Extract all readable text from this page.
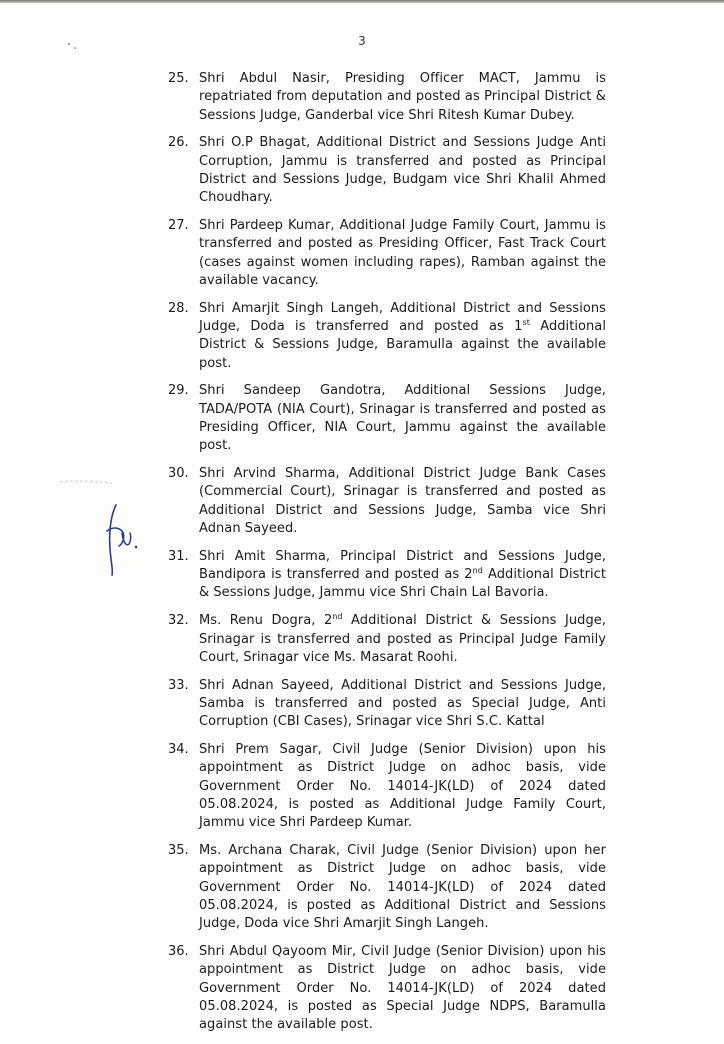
3
25. Shri Abdul Nasir, Presiding Officer MACT, Jammu is repatriated from deputation and posted as Principal District & Sessions Judge, Ganderbal vice Shri Ritesh Kumar Dubey.
26. Shri O.P Bhagat, Additional District and Sessions Judge Anti Corruption, Jammu is transferred and posted as Principal District and Sessions Judge, Budgam vice Shri Khalil Ahmed Choudhary.
27. Shri Pardeep Kumar, Additional Judge Family Court, Jammu is transferred and posted as Presiding Officer, Fast Track Court (cases against women including rapes), Ramban against the available vacancy.
28. Shri Amarjit Singh Langeh, Additional District and Sessions Judge, Doda is transferred and posted as 1st Additional District & Sessions Judge, Baramulla against the available post.
29. Shri Sandeep Gandotra, Additional Sessions Judge, TADA/POTA (NIA Court), Srinagar is transferred and posted as Presiding Officer, NIA Court, Jammu against the available post.
30. Shri Arvind Sharma, Additional District Judge Bank Cases (Commercial Court), Srinagar is transferred and posted as Additional District and Sessions Judge, Samba vice Shri Adnan Sayeed.
31. Shri Amit Sharma, Principal District and Sessions Judge, Bandipora is transferred and posted as 2nd Additional District & Sessions Judge, Jammu vice Shri Chain Lal Bavoria.
32. Ms. Renu Dogra, 2nd Additional District & Sessions Judge, Srinagar is transferred and posted as Principal Judge Family Court, Srinagar vice Ms. Masarat Roohi.
33. Shri Adnan Sayeed, Additional District and Sessions Judge, Samba is transferred and posted as Special Judge, Anti Corruption (CBI Cases), Srinagar vice Shri S.C. Kattal
34. Shri Prem Sagar, Civil Judge (Senior Division) upon his appointment as District Judge on adhoc basis, vide Government Order No. 14014-JK(LD) of 2024 dated 05.08.2024, is posted as Additional Judge Family Court, Jammu vice Shri Pardeep Kumar.
35. Ms. Archana Charak, Civil Judge (Senior Division) upon her appointment as District Judge on adhoc basis, vide Government Order No. 14014-JK(LD) of 2024 dated 05.08.2024, is posted as Additional District and Sessions Judge, Doda vice Shri Amarjit Singh Langeh.
36. Shri Abdul Qayoom Mir, Civil Judge (Senior Division) upon his appointment as District Judge on adhoc basis, vide Government Order No. 14014-JK(LD) of 2024 dated 05.08.2024, is posted as Special Judge NDPS, Baramulla against the available post.
